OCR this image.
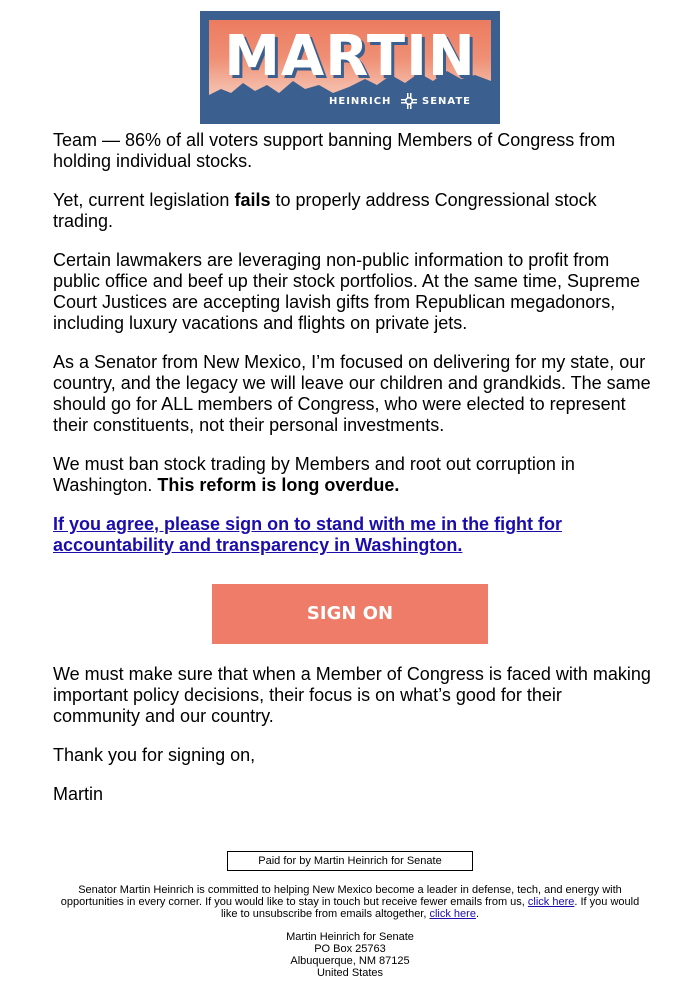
MARTIN
HEINRICH	SENATE

Team — 86% of all voters support banning Members of Congress from holding individual stocks.

Yet, current legislation fails to properly address Congressional stock trading.

Certain lawmakers are leveraging non-public information to profit from public office and beef up their stock portfolios. At the same time, Supreme Court Justices are accepting lavish gifts from Republican megadonors, including luxury vacations and flights on private jets.

As a Senator from New Mexico, I’m focused on delivering for my state, our country, and the legacy we will leave our children and grandkids. The same should go for ALL members of Congress, who were elected to represent their constituents, not their personal investments.

We must ban stock trading by Members and root out corruption in Washington. This reform is long overdue.

If you agree, please sign on to stand with me in the fight for accountability and transparency in Washington.

SIGN ON

We must make sure that when a Member of Congress is faced with making important policy decisions, their focus is on what’s good for their community and our country.

Thank you for signing on,

Martin

Paid for by Martin Heinrich for Senate
Senator Martin Heinrich is committed to helping New Mexico become a leader in defense, tech, and energy with opportunities in every corner. If you would like to stay in touch but receive fewer emails from us, click here. If you would like to unsubscribe from emails altogether, click here.
Martin Heinrich for Senate
PO Box 25763
Albuquerque, NM 87125
United States
